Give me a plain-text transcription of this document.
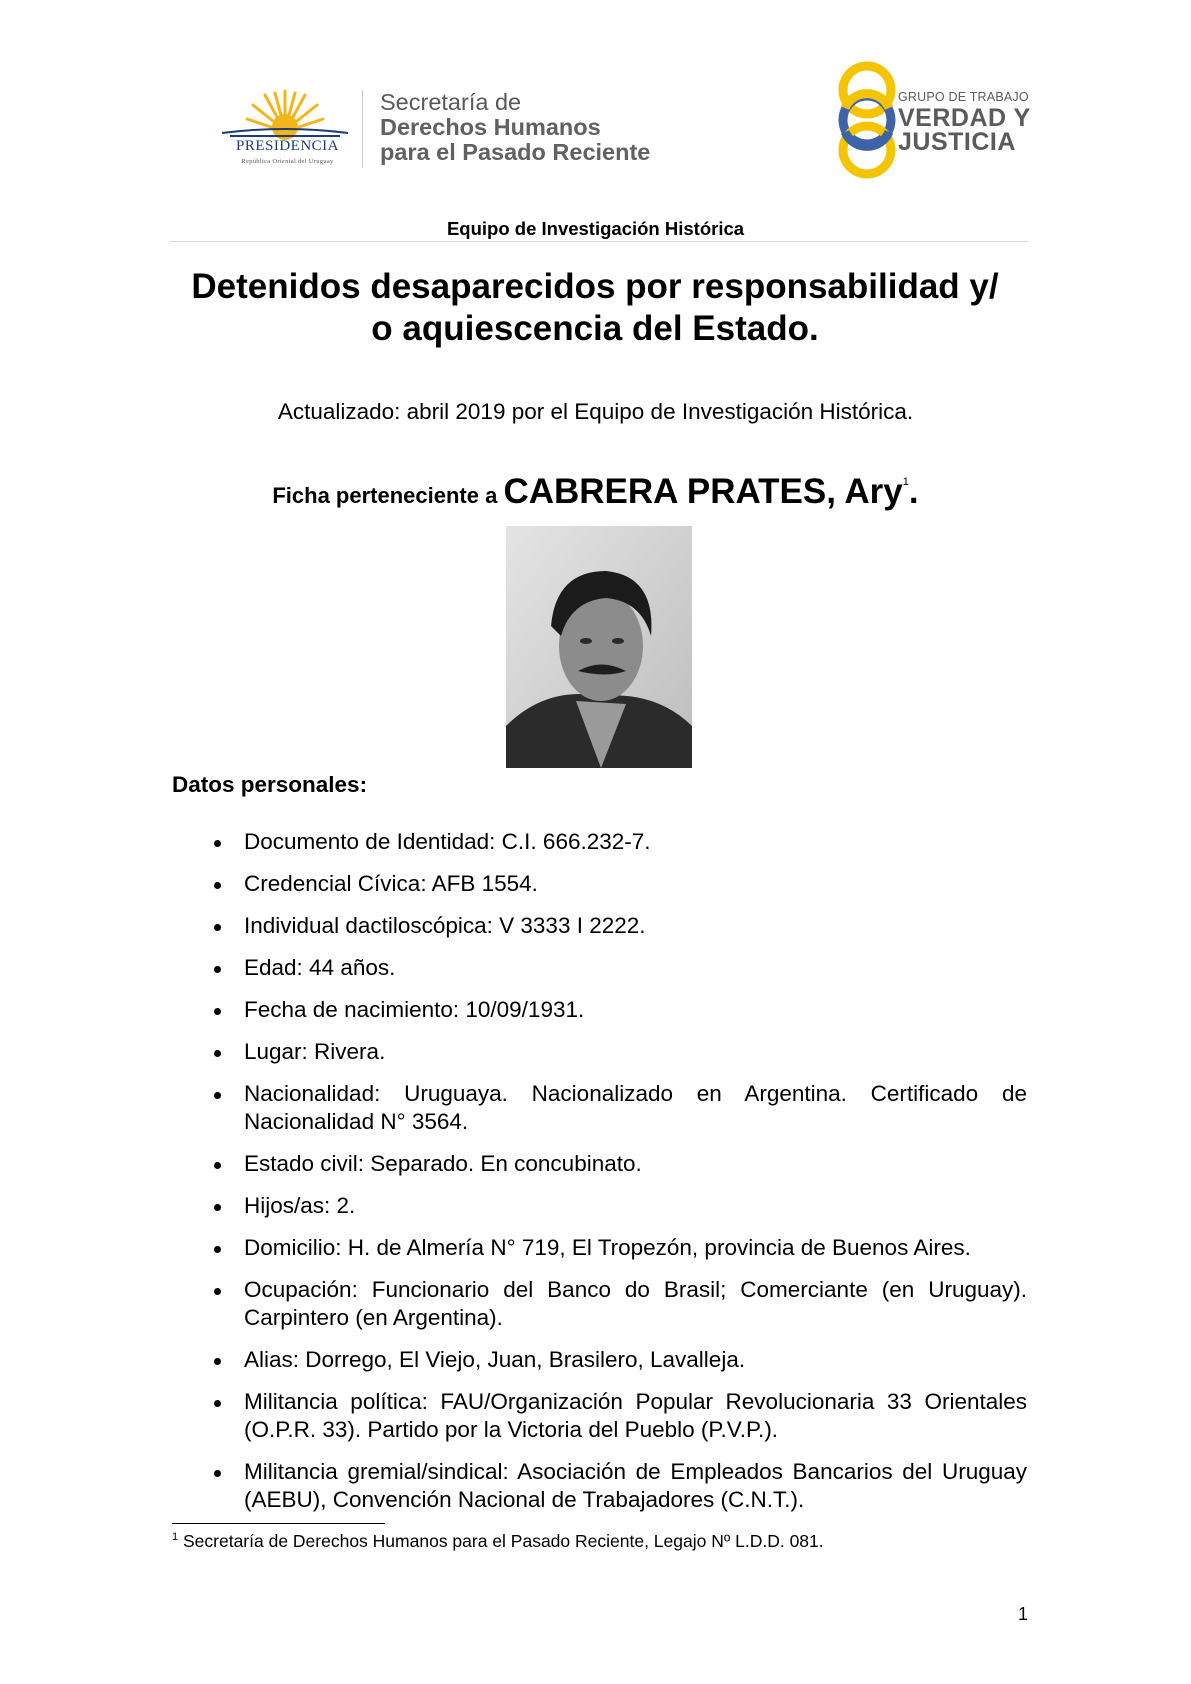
PRESIDENCIA
República Oriental del Uruguay
Secretaría de
Derechos Humanos
para el Pasado Reciente
GRUPO DE TRABAJO
VERDAD Y
JUSTICIA
Equipo de Investigación Histórica
Detenidos desaparecidos por responsabilidad y/
o aquiescencia del Estado.
Actualizado: abril 2019 por el Equipo de Investigación Histórica.
Ficha perteneciente a CABRERA PRATES, Ary$^1$.
Datos personales:
Documento de Identidad: C.I. 666.232-7.
Credencial Cívica: AFB 1554.
Individual dactiloscópica: V 3333 I 2222.
Edad: 44 años.
Fecha de nacimiento: 10/09/1931.
Lugar: Rivera.
Nacionalidad: Uruguaya. Nacionalizado en Argentina. Certificado de Nacionalidad N° 3564.
Estado civil: Separado. En concubinato.
Hijos/as: 2.
Domicilio: H. de Almería N° 719, El Tropezón, provincia de Buenos Aires.
Ocupación: Funcionario del Banco do Brasil; Comerciante (en Uruguay). Carpintero (en Argentina).
Alias: Dorrego, El Viejo, Juan, Brasilero, Lavalleja.
Militancia política: FAU/Organización Popular Revolucionaria 33 Orientales (O.P.R. 33). Partido por la Victoria del Pueblo (P.V.P.).
Militancia gremial/sindical: Asociación de Empleados Bancarios del Uruguay (AEBU), Convención Nacional de Trabajadores (C.N.T.).
$^1$ Secretaría de Derechos Humanos para el Pasado Reciente, Legajo Nº L.D.D. 081.
1
